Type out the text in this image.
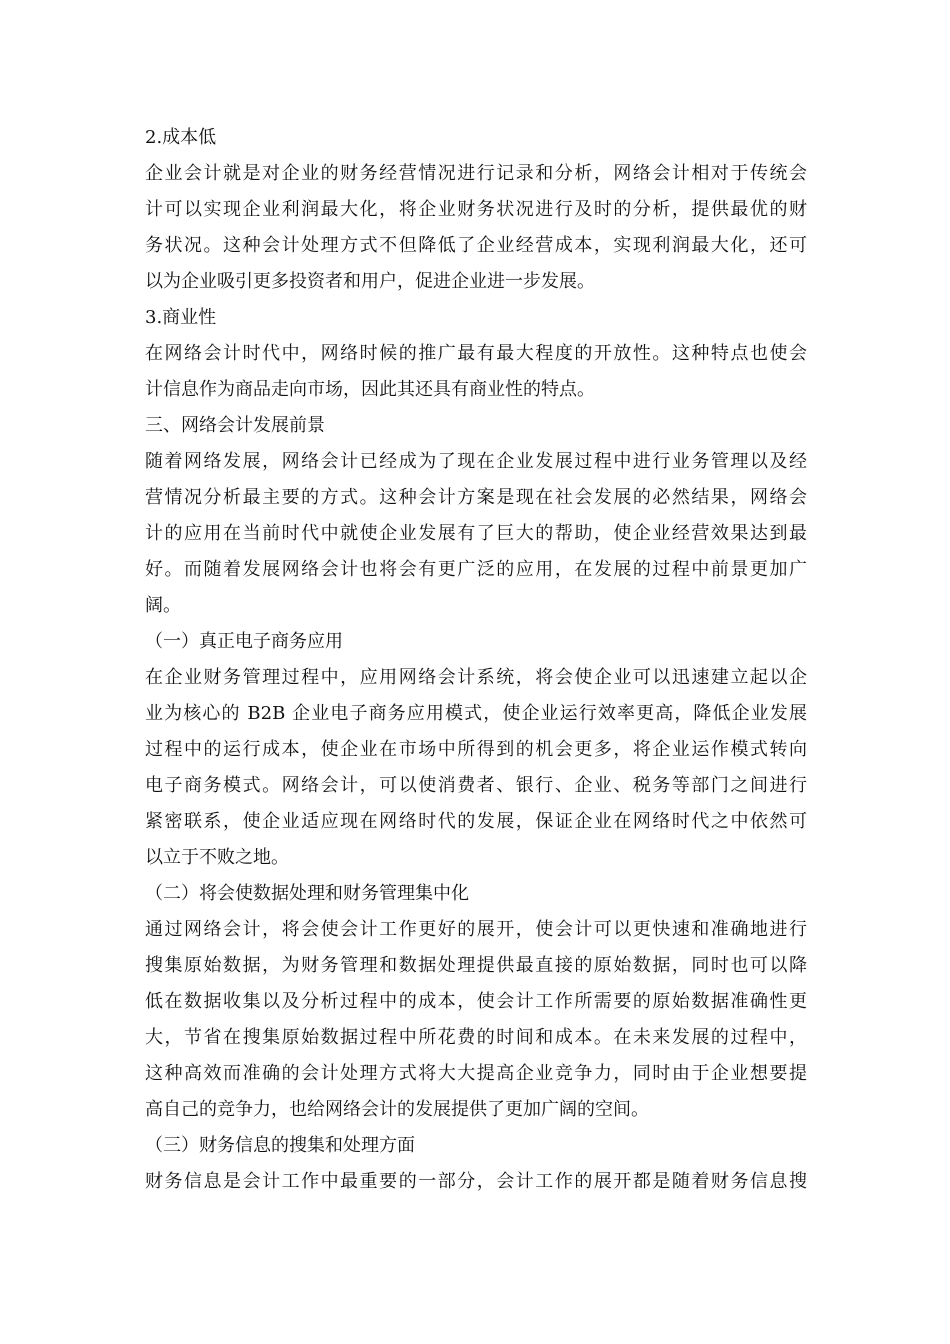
2.成本低
企业会计就是对企业的财务经营情况进行记录和分析，网络会计相对于传统会
计可以实现企业利润最大化，将企业财务状况进行及时的分析，提供最优的财
务状况。这种会计处理方式不但降低了企业经营成本，实现利润最大化，还可
以为企业吸引更多投资者和用户，促进企业进一步发展。
3.商业性
在网络会计时代中，网络时候的推广最有最大程度的开放性。这种特点也使会
计信息作为商品走向市场，因此其还具有商业性的特点。
三、网络会计发展前景
随着网络发展，网络会计已经成为了现在企业发展过程中进行业务管理以及经
营情况分析最主要的方式。这种会计方案是现在社会发展的必然结果，网络会
计的应用在当前时代中就使企业发展有了巨大的帮助，使企业经营效果达到最
好。而随着发展网络会计也将会有更广泛的应用，在发展的过程中前景更加广
阔。
（一）真正电子商务应用
在企业财务管理过程中，应用网络会计系统，将会使企业可以迅速建立起以企
业为核心的 B2B 企业电子商务应用模式，使企业运行效率更高，降低企业发展
过程中的运行成本，使企业在市场中所得到的机会更多，将企业运作模式转向
电子商务模式。网络会计，可以使消费者、银行、企业、税务等部门之间进行
紧密联系，使企业适应现在网络时代的发展，保证企业在网络时代之中依然可
以立于不败之地。
（二）将会使数据处理和财务管理集中化
通过网络会计，将会使会计工作更好的展开，使会计可以更快速和准确地进行
搜集原始数据，为财务管理和数据处理提供最直接的原始数据，同时也可以降
低在数据收集以及分析过程中的成本，使会计工作所需要的原始数据准确性更
大，节省在搜集原始数据过程中所花费的时间和成本。在未来发展的过程中，
这种高效而准确的会计处理方式将大大提高企业竞争力，同时由于企业想要提
高自己的竞争力，也给网络会计的发展提供了更加广阔的空间。
（三）财务信息的搜集和处理方面
财务信息是会计工作中最重要的一部分，会计工作的展开都是随着财务信息搜
